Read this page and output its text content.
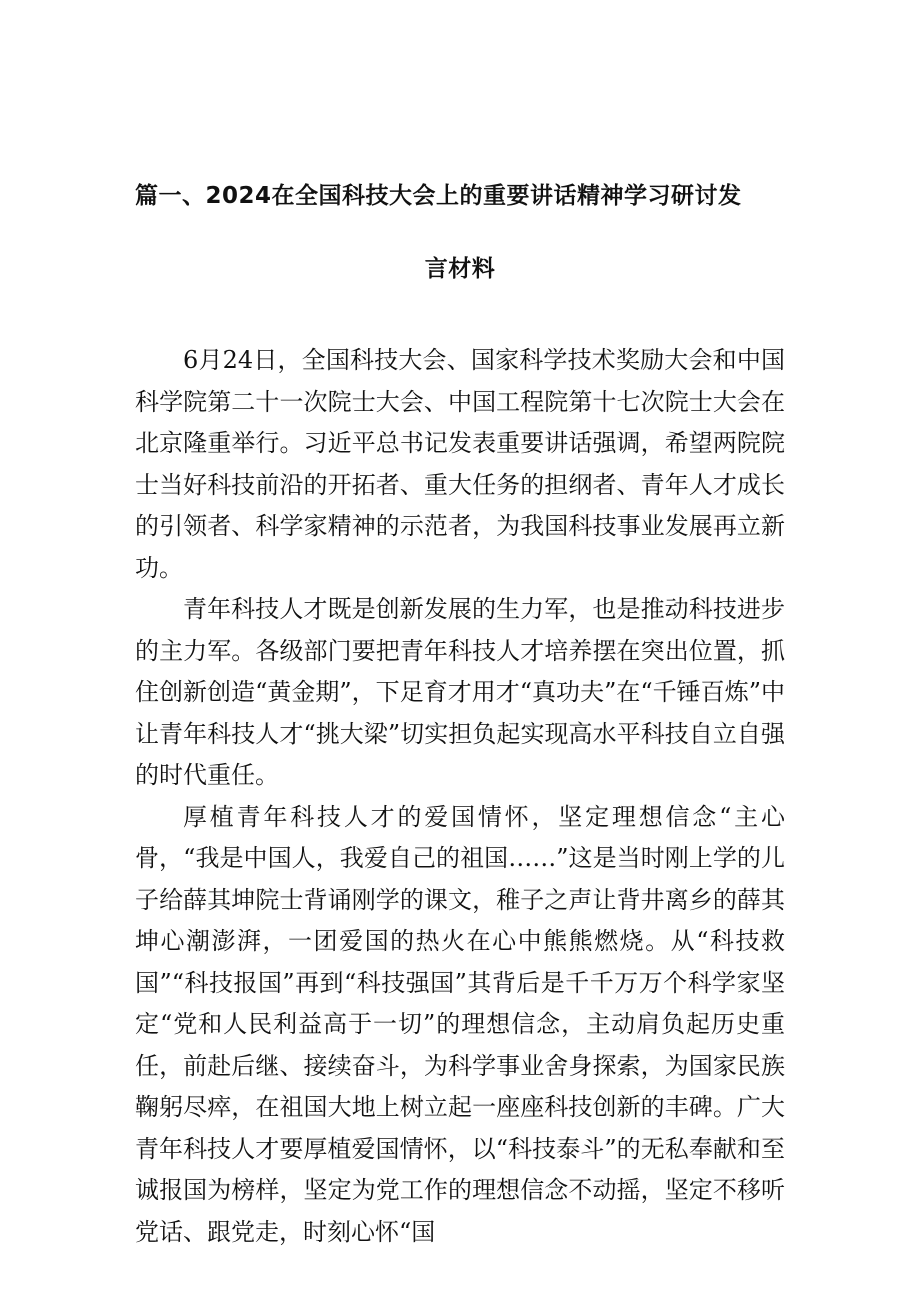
篇一、2024在全国科技大会上的重要讲话精神学习研讨发
言材料

6月24日，全国科技大会、国家科学技术奖励大会和中国科学院第二十一次院士大会、中国工程院第十七次院士大会在北京隆重举行。习近平总书记发表重要讲话强调，希望两院院士当好科技前沿的开拓者、重大任务的担纲者、青年人才成长的引领者、科学家精神的示范者，为我国科技事业发展再立新功。

青年科技人才既是创新发展的生力军，也是推动科技进步的主力军。各级部门要把青年科技人才培养摆在突出位置，抓住创新创造“黄金期”，下足育才用才“真功夫”在“千锤百炼”中让青年科技人才“挑大梁”切实担负起实现高水平科技自立自强的时代重任。

厚植青年科技人才的爱国情怀，坚定理想信念“主心骨，“我是中国人，我爱自己的祖国……”这是当时刚上学的儿子给薛其坤院士背诵刚学的课文，稚子之声让背井离乡的薛其坤心潮澎湃，一团爱国的热火在心中熊熊燃烧。从“科技救国”“科技报国”再到“科技强国”其背后是千千万万个科学家坚定“党和人民利益高于一切”的理想信念，主动肩负起历史重任，前赴后继、接续奋斗，为科学事业舍身探索，为国家民族鞠躬尽瘁，在祖国大地上树立起一座座科技创新的丰碑。广大青年科技人才要厚植爱国情怀，以“科技泰斗”的无私奉献和至诚报国为榜样，坚定为党工作的理想信念不动摇，坚定不移听党话、跟党走，时刻心怀“国
